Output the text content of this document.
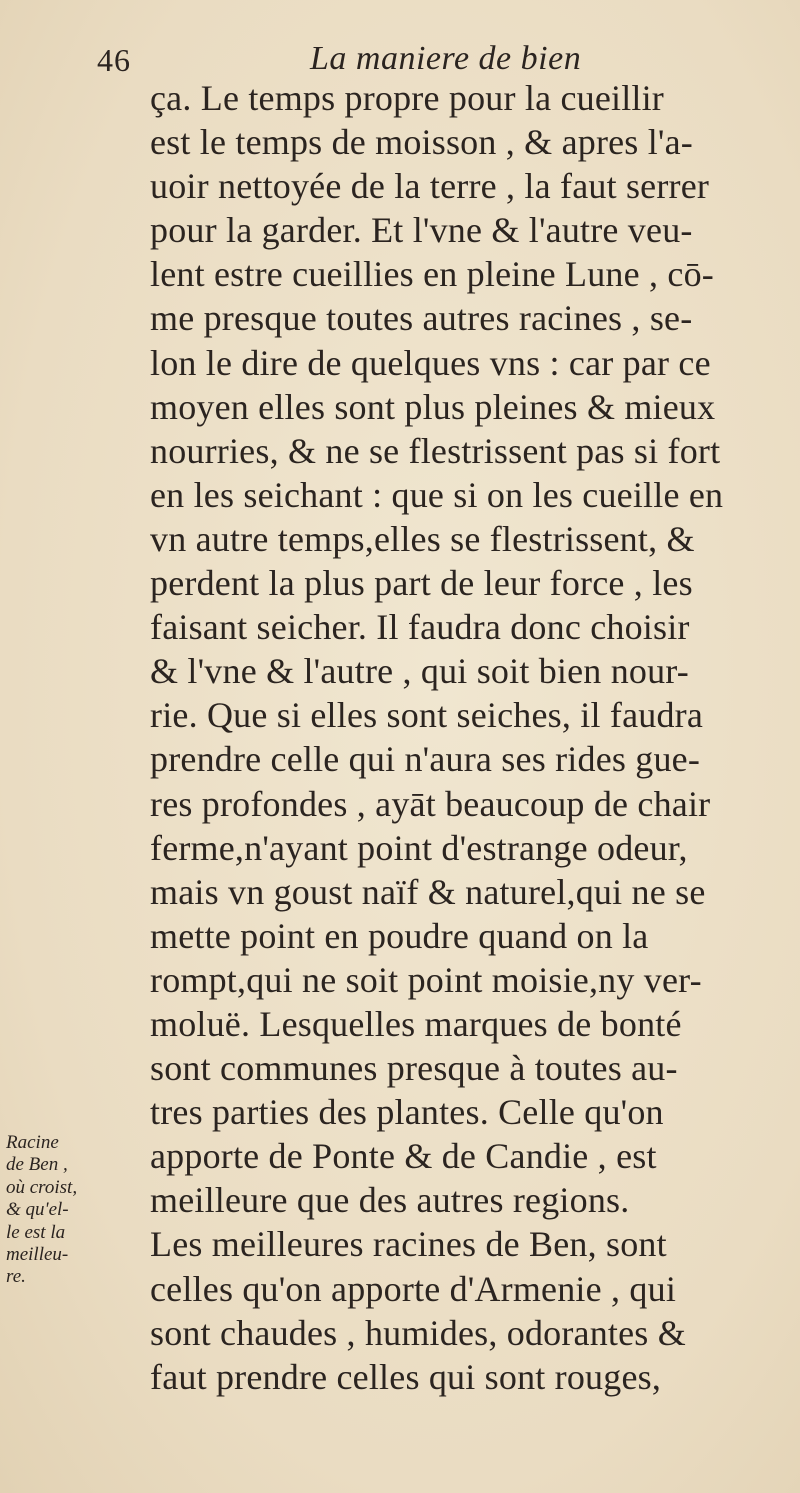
46	La maniere de bien
ça. Le temps propre pour la cueillir
est le temps de moisson , & apres l'a-
uoir nettoyée de la terre , la faut serrer
pour la garder. Et l'vne & l'autre veu-
lent estre cueillies en pleine Lune , cō-
me presque toutes autres racines , se-
lon le dire de quelques vns : car par ce
moyen elles sont plus pleines & mieux
nourries, & ne se flestrissent pas si fort
en les seichant : que si on les cueille en
vn autre temps,elles se flestrissent, &
perdent la plus part de leur force , les
faisant seicher. Il faudra donc choisir
& l'vne & l'autre , qui soit bien nour-
rie. Que si elles sont seiches, il faudra
prendre celle qui n'aura ses rides gue-
res profondes , ayāt beaucoup de chair
ferme,n'ayant point d'estrange odeur,
mais vn goust naïf & naturel,qui ne se
mette point en poudre quand on la
rompt,qui ne soit point moisie,ny ver-
moluë. Lesquelles marques de bonté
sont communes presque à toutes au-
tres parties des plantes. Celle qu'on
apporte de Ponte & de Candie , est
meilleure que des autres regions.
Les meilleures racines de Ben, sont
celles qu'on apporte d'Armenie , qui
sont chaudes , humides, odorantes &
faut prendre celles qui sont rouges,
Racine
de Ben ,
où croist,
& qu'el-
le est la
meilleu-
re.
